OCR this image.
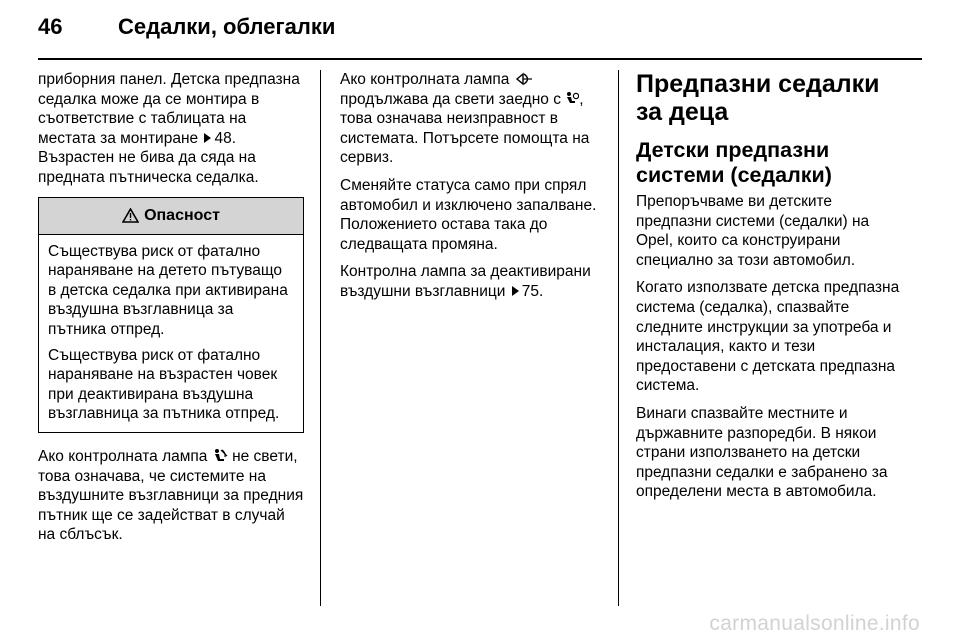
46	Седалки, облегалки

приборния панел. Детска предпазна седалка може да се монтира в съответствие с таблицата на местата за монтиране 48. Възрастен не бива да сяда на предната пътническа седалка.

Опасност

Съществува риск от фатално нараняване на детето пътуващо в детска седалка при активирана въздушна възглавница за пътника отпред.

Съществува риск от фатално нараняване на възрастен човек при деактивирана въздушна възглавница за пътника отпред.

Ако контролната лампа не свети, това означава, че системите на въздушните възглавници за предния пътник ще се задействат в случай на сблъсък.

Ако контролната лампа  продължава да свети заедно с , това означава неизправност в системата. Потърсете помощта на сервиз.

Сменяйте статуса само при спрял автомобил и изключено запалване. Положението остава така до следващата промяна.

Контролна лампа за деактивирани въздушни възглавници 75.

Предпазни седалки за деца
Детски предпазни системи (седалки)

Препоръчваме ви детските предпазни системи (седалки) на Opel, които са конструирани специално за този автомобил.

Когато използвате детска предпазна система (седалка), спазвайте следните инструкции за употреба и инсталация, както и тези предоставени с детската предпазна система.

Винаги спазвайте местните и държавните разпоредби. В някои страни използването на детски предпазни седалки е забранено за определени места в автомобила.

carmanualsonline.info
